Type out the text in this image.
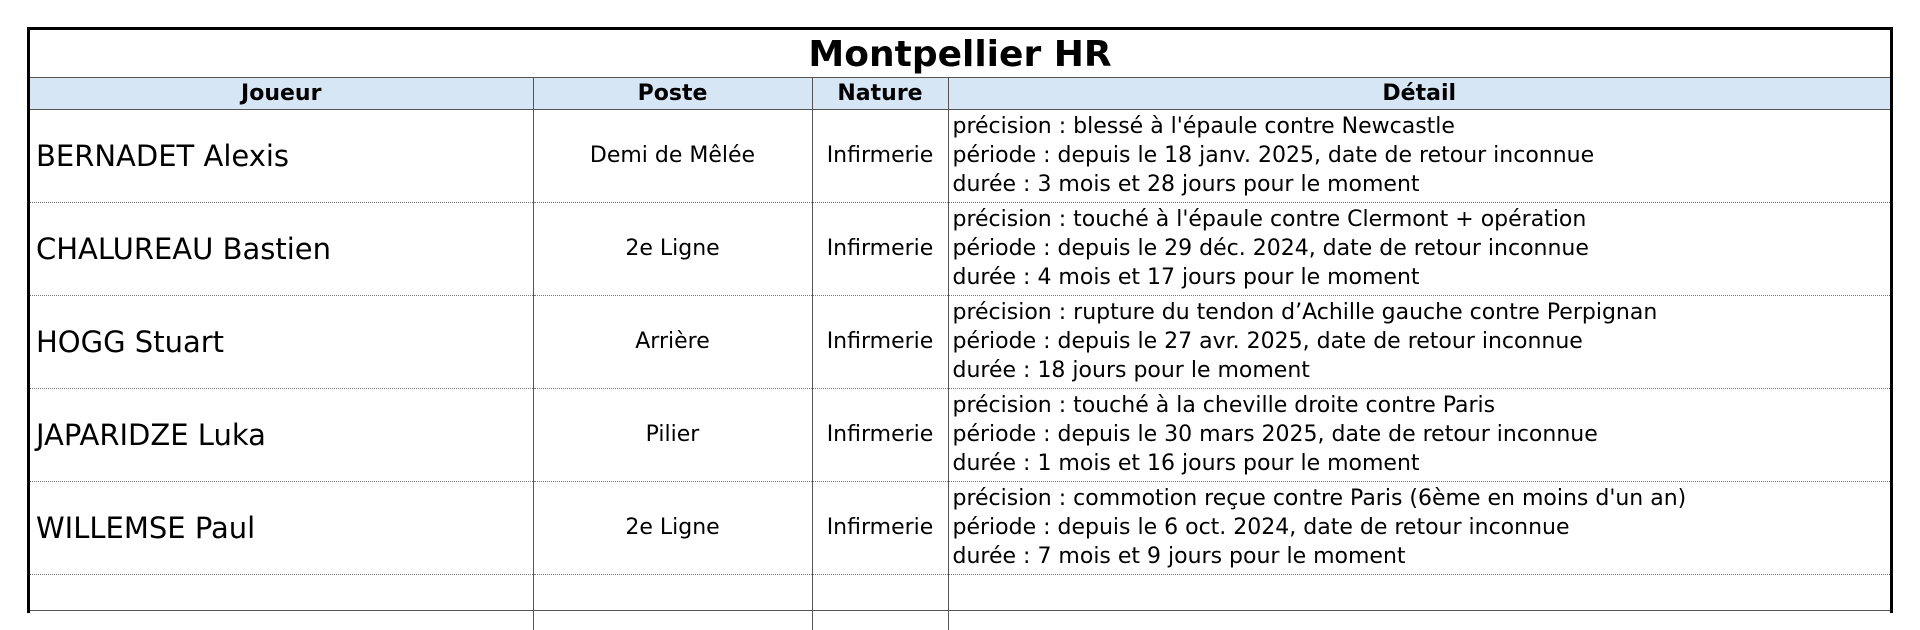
Montpellier HR
Joueur	Poste	Nature	Détail
BERNADET Alexis	Demi de Mêlée	Infirmerie	précision : blessé à l'épaule contre Newcastle
période : depuis le 18 janv. 2025, date de retour inconnue
durée : 3 mois et 28 jours pour le moment

CHALUREAU Bastien	2e Ligne	Infirmerie	précision : touché à l'épaule contre Clermont + opération
période : depuis le 29 déc. 2024, date de retour inconnue
durée : 4 mois et 17 jours pour le moment

HOGG Stuart	Arrière	Infirmerie	précision : rupture du tendon d’Achille gauche contre Perpignan
période : depuis le 27 avr. 2025, date de retour inconnue
durée : 18 jours pour le moment

JAPARIDZE Luka	Pilier	Infirmerie	précision : touché à la cheville droite contre Paris
période : depuis le 30 mars 2025, date de retour inconnue
durée : 1 mois et 16 jours pour le moment

WILLEMSE Paul	2e Ligne	Infirmerie	précision : commotion reçue contre Paris (6ème en moins d'un an)
période : depuis le 6 oct. 2024, date de retour inconnue
durée : 7 mois et 9 jours pour le moment
